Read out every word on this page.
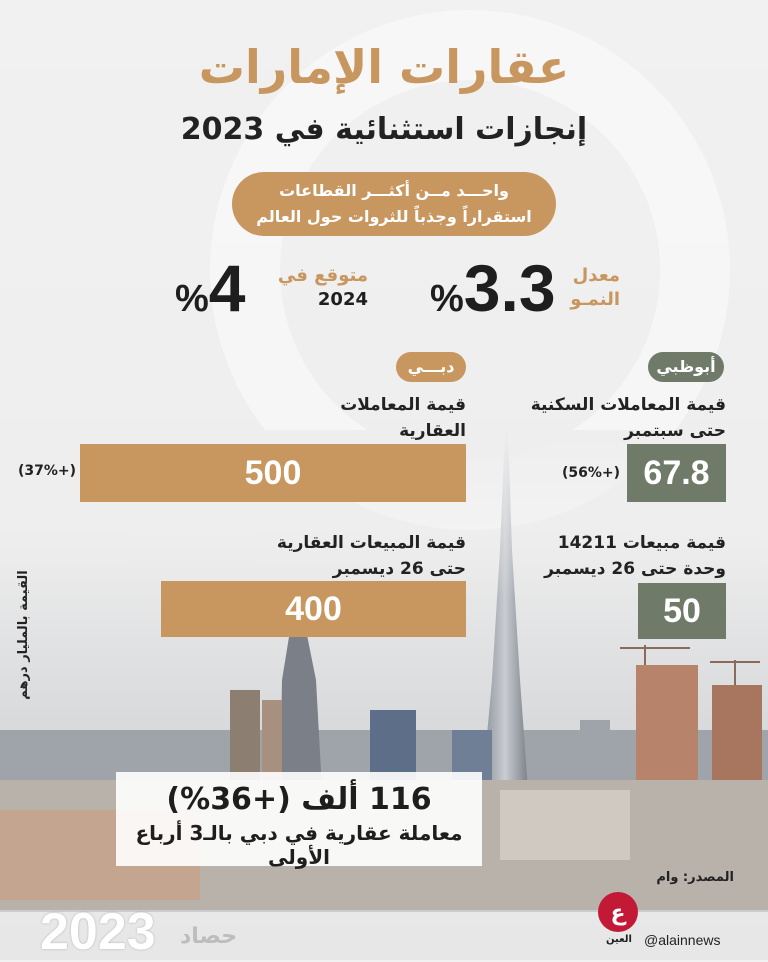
عقارات الإمارات
إنجازات استثنائية في 2023
واحـــد مــن أكثـــر القطاعات
استقراراً وجذباً للثروات حول العالم
معدل
النمـو
%3.3
متوقع في
2024
%4
أبوظبي
قيمة المعاملات السكنية
حتى سبتمبر
67.8
(+56%)
قيمة مبيعات 14211
وحدة حتى 26 ديسمبر
50
دبـــي
قيمة المعاملات العقارية
500
(+37%)
قيمة المبيعات العقارية
حتى 26 ديسمبر
400
القيمة بالمليار درهم
116 ألف (+36%)
معاملة عقارية في دبي بالـ3 أرباع الأولى
المصدر: وام
2023 حصاد
ع
العين @alainnews
